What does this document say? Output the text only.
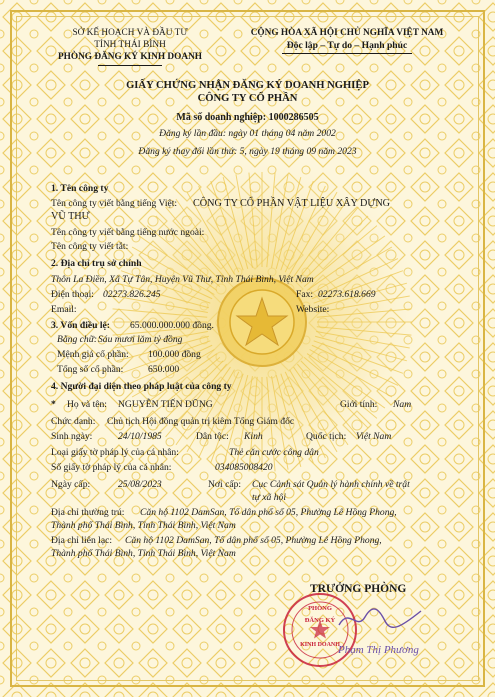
SỞ KẾ HOẠCH VÀ ĐẦU TƯ
TỈNH THÁI BÌNH
PHÒNG ĐĂNG KÝ KINH DOANH
CỘNG HÒA XÃ HỘI CHỦ NGHĨA VIỆT NAM
Độc lập – Tự do – Hạnh phúc
GIẤY CHỨNG NHẬN ĐĂNG KÝ DOANH NGHIỆP
CÔNG TY CỔ PHẦN
Mã số doanh nghiệp: 1000286505
Đăng ký lần đầu: ngày 01 tháng 04 năm 2002
Đăng ký thay đổi lần thứ: 5, ngày 19 tháng 09 năm 2023
1. Tên công ty
Tên công ty viết bằng tiếng Việt: CÔNG TY CỔ PHẦN VẬT LIỆU XÂY DỰNG
VŨ THƯ
Tên công ty viết bằng tiếng nước ngoài:
Tên công ty viết tắt:
2. Địa chỉ trụ sở chính
Thôn La Điền, Xã Tự Tân, Huyện Vũ Thư, Tỉnh Thái Bình, Việt Nam
Điện thoại: 02273.826.245	Fax: 02273.618.669
Email:	Website:
3. Vốn điều lệ: 65.000.000.000 đồng.
Bằng chữ: Sáu mươi lăm tỷ đồng
Mệnh giá cổ phần: 100.000 đồng
Tổng số cổ phần:	650.000
4. Người đại diện theo pháp luật của công ty
* Họ và tên: NGUYỄN TIẾN DŨNG	Giới tính: Nam
Chức danh: Chủ tịch Hội đồng quản trị kiêm Tổng Giám đốc
Sinh ngày:	24/10/1985	Dân tộc: Kinh	Quốc tịch: Việt Nam
Loại giấy tờ pháp lý của cá nhân:	Thẻ căn cước công dân
Số giấy tờ pháp lý của cá nhân:	034085008420
Ngày cấp:	25/08/2023	Nơi cấp: Cục Cảnh sát Quản lý hành chính về trật
tự xã hội
Địa chỉ thường trú: Căn hộ 1102 DamSan, Tổ dân phố số 05, Phường Lê Hồng Phong,
Thành phố Thái Bình, Tỉnh Thái Bình, Việt Nam
Địa chỉ liên lạc: Căn hộ 1102 DamSan, Tổ dân phố số 05, Phường Lê Hồng Phong,
Thành phố Thái Bình, Tỉnh Thái Bình, Việt Nam
TRƯỞNG PHÒNG
PHÒNG
ĐĂNG KÝ
KINH DOANH
Phạm Thị Phương
